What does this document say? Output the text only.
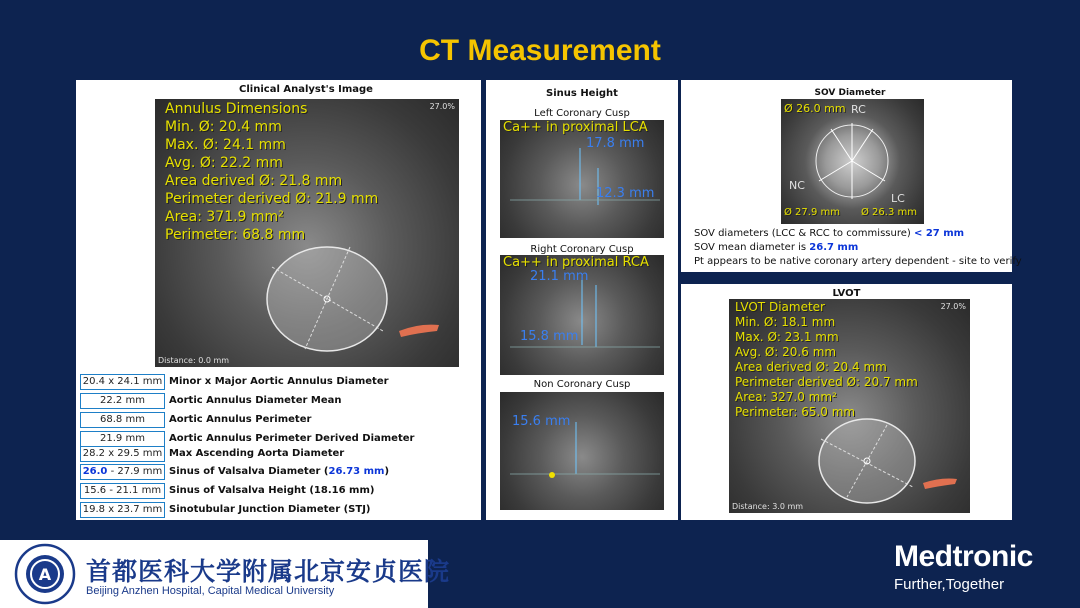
CT Measurement
Clinical Analyst's Image
27.0%
Distance: 0.0 mm
Annulus Dimensions
Min. Ø: 20.4 mm
Max. Ø: 24.1 mm
Avg. Ø: 22.2 mm
Area derived Ø: 21.8 mm
Perimeter derived Ø: 21.9 mm
Area: 371.9 mm²
Perimeter: 68.8 mm
20.4 x 24.1 mm Minor x Major Aortic Annulus Diameter
22.2 mm	Aortic Annulus Diameter Mean
68.8 mm	Aortic Annulus Perimeter
21.9 mm	Aortic Annulus Perimeter Derived Diameter
28.2 x 29.5 mm Max Ascending Aorta Diameter
26.0 - 27.9 mm Sinus of Valsalva Diameter (26.73 mm)
15.6 - 21.1 mm Sinus of Valsalva Height (18.16 mm)
19.8 x 23.7 mm Sinotubular Junction Diameter (STJ)
Sinus Height
Left Coronary Cusp
Ca++ in proximal LCA
17.8 mm
12.3 mm
Right Coronary Cusp
Ca++ in proximal RCA
21.1 mm
15.8 mm
Non Coronary Cusp
15.6 mm
SOV Diameter
Ø 26.0 mm RC
NC
LC
Ø 27.9 mm Ø 26.3 mm
SOV diameters (LCC & RCC to commissure) < 27 mm
SOV mean diameter is 26.7 mm
Pt appears to be native coronary artery dependent - site to verify
LVOT
27.0%
Distance: 3.0 mm
LVOT Diameter
Min. Ø: 18.1 mm
Max. Ø: 23.1 mm
Avg. Ø: 20.6 mm
Area derived Ø: 20.4 mm
Perimeter derived Ø: 20.7 mm
Area: 327.0 mm²
Perimeter: 65.0 mm
A 首都医科大学附属北京安贞医院
Beijing Anzhen Hospital, Capital Medical University
Medtronic
Further,Together
